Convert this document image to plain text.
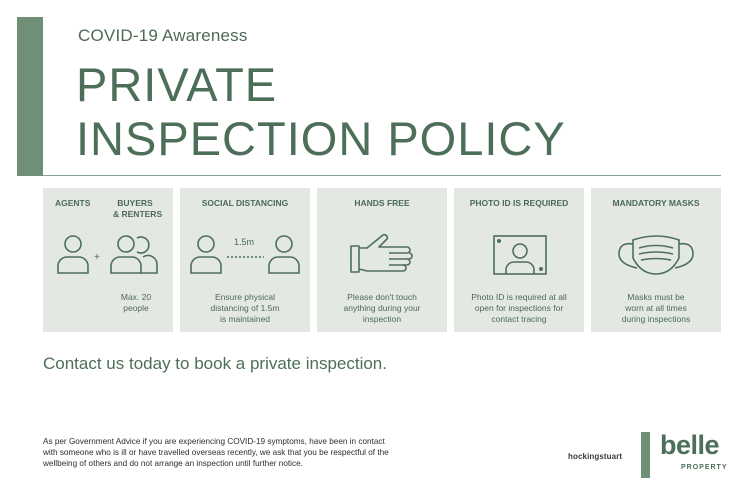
COVID-19 Awareness
PRIVATE
INSPECTION POLICY
AGENTS	BUYERS
& RENTERS
+
Max. 20
people
SOCIAL DISTANCING
1.5m
Ensure physical
distancing of 1.5m
is maintained
HANDS FREE
Please don't touch
anything during your
inspection
PHOTO ID IS REQUIRED
Photo ID is required at all
open for inspections for
contact tracing
MANDATORY MASKS
Masks must be
worn at all times
during inspections
Contact us today to book a private inspection.
As per Government Advice if you are experiencing COVID-19 symptoms, have been in contact
with someone who is ill or have travelled overseas recently, we ask that you be respectful of the
wellbeing of others and do not arrange an inspection until further notice.
hockingstuart belle
PROPERTY
